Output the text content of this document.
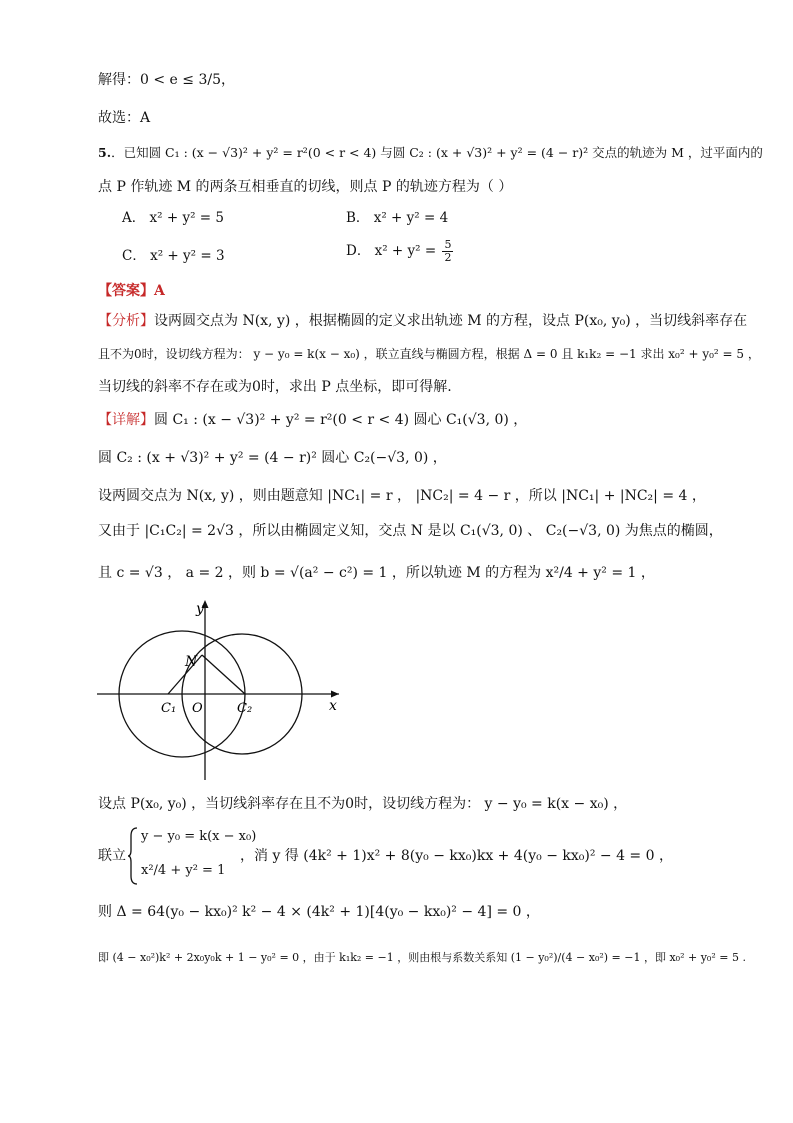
解得：0 < e ≤ 3/5，
故选：A
5.．已知圆 C₁ : (x − √3)² + y² = r²(0 < r < 4) 与圆 C₂ : (x + √3)² + y² = (4 − r)² 交点的轨迹为 M ，过平面内的
点 P 作轨迹 M 的两条互相垂直的切线，则点 P 的轨迹方程为（ ）
A． x² + y² = 5	B． x² + y² = 4
C． x² + y² = 3	D． $x^2 + y^2 = \frac{5}{2}$
【答案】A
【分析】设两圆交点为 N(x, y) ，根据椭圆的定义求出轨迹 M 的方程，设点 P(x₀, y₀) ，当切线斜率存在
且不为0时，设切线方程为： y − y₀ = k(x − x₀) ，联立直线与椭圆方程，根据 Δ = 0 且 k₁k₂ = −1 求出 x₀² + y₀² = 5 ，
当切线的斜率不存在或为0时，求出 P 点坐标，即可得解.
【详解】圆 C₁ : (x − √3)² + y² = r²(0 < r < 4) 圆心 C₁(√3, 0) ，
圆 C₂ : (x + √3)² + y² = (4 − r)² 圆心 C₂(−√3, 0) ，
设两圆交点为 N(x, y) ，则由题意知 |NC₁| = r ， |NC₂| = 4 − r ，所以 |NC₁| + |NC₂| = 4 ，
又由于 |C₁C₂| = 2√3 ，所以由椭圆定义知，交点 N 是以 C₁(√3, 0) 、 C₂(−√3, 0) 为焦点的椭圆，
且 c = √3 ， a = 2 ，则 b = √(a² − c²) = 1 ，所以轨迹 M 的方程为 x²/4 + y² = 1 ，
y
x
N
C₁ O	C₂
设点 P(x₀, y₀) ，当切线斜率存在且不为0时，设切线方程为： y − y₀ = k(x − x₀) ，
联立
y − y₀ = k(x − x₀)
x²/4 + y² = 1
，消 y 得 (4k² + 1)x² + 8(y₀ − kx₀)kx + 4(y₀ − kx₀)² − 4 = 0 ，
则 Δ = 64(y₀ − kx₀)² k² − 4 × (4k² + 1)[4(y₀ − kx₀)² − 4] = 0 ，
即 (4 − x₀²)k² + 2x₀y₀k + 1 − y₀² = 0 ，由于 k₁k₂ = −1 ，则由根与系数关系知 (1 − y₀²)/(4 − x₀²) = −1 ，即 x₀² + y₀² = 5 .
